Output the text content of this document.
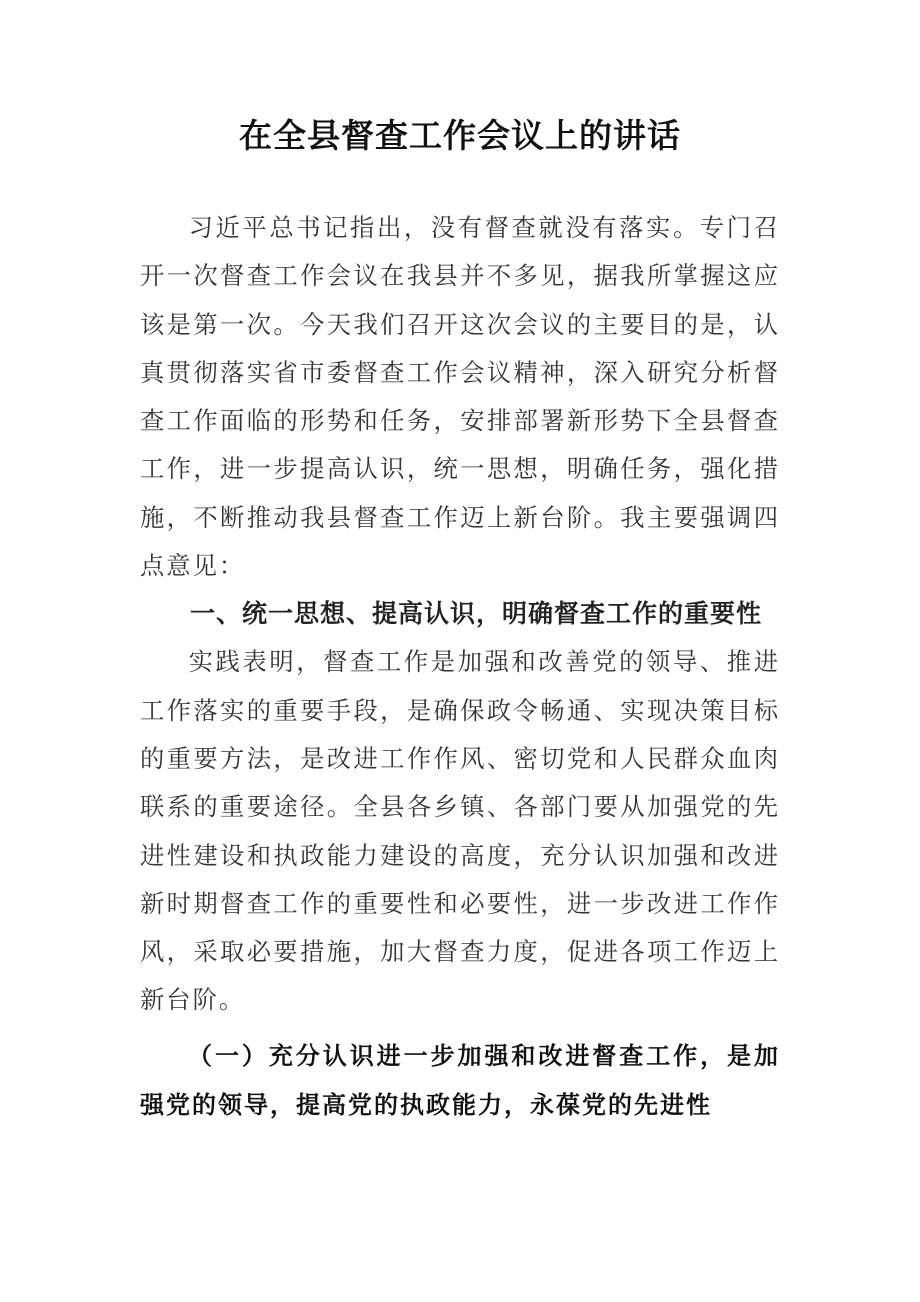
在全县督查工作会议上的讲话

习近平总书记指出，没有督查就没有落实。专门召开一次督查工作会议在我县并不多见，据我所掌握这应该是第一次。今天我们召开这次会议的主要目的是，认真贯彻落实省市委督查工作会议精神，深入研究分析督查工作面临的形势和任务，安排部署新形势下全县督查工作，进一步提高认识，统一思想，明确任务，强化措施，不断推动我县督查工作迈上新台阶。我主要强调四点意见：

一、统一思想、提高认识，明确督查工作的重要性

实践表明，督查工作是加强和改善党的领导、推进工作落实的重要手段，是确保政令畅通、实现决策目标的重要方法，是改进工作作风、密切党和人民群众血肉联系的重要途径。全县各乡镇、各部门要从加强党的先进性建设和执政能力建设的高度，充分认识加强和改进新时期督查工作的重要性和必要性，进一步改进工作作风，采取必要措施，加大督查力度，促进各项工作迈上新台阶。

（一）充分认识进一步加强和改进督查工作，是加强党的领导，提高党的执政能力，永葆党的先进性
